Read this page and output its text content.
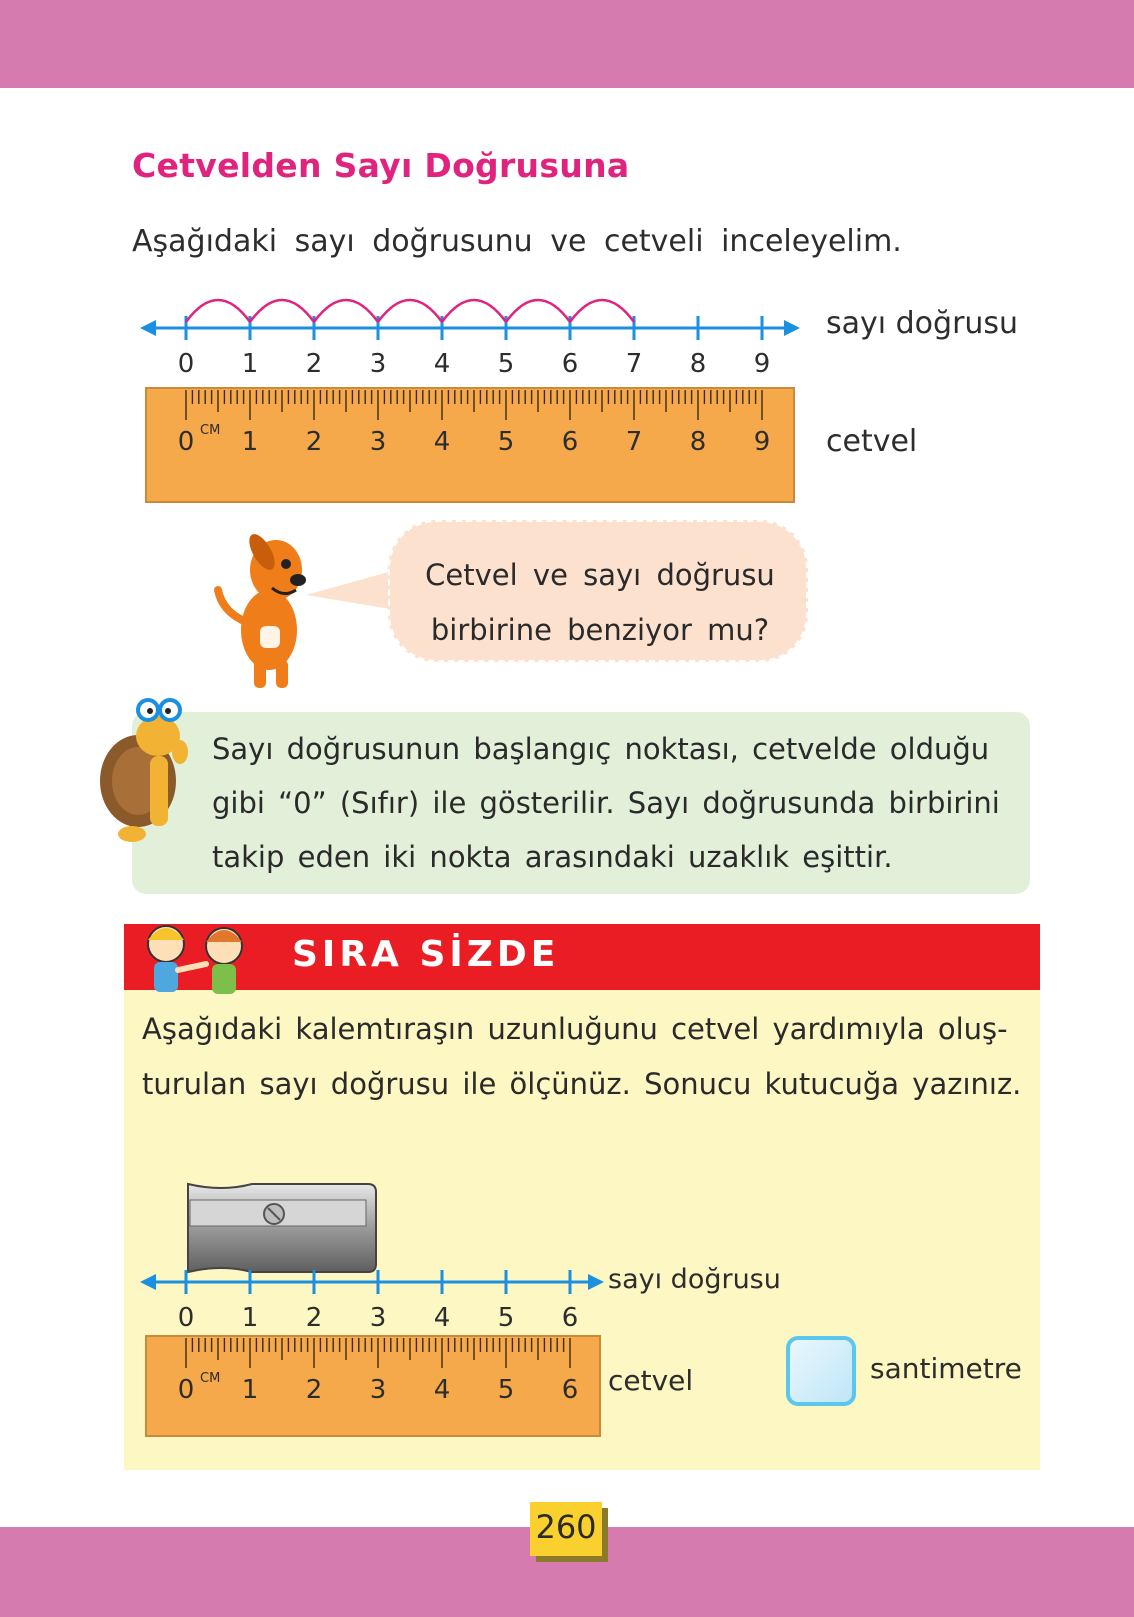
Cetvelden Sayı Doğrusuna
Aşağıdaki sayı doğrusunu ve cetveli inceleyelim.
0 1 2 3 4 5 6 7 8 9
sayı doğrusu
0 1 2 3 4 5 6 7 8 9
CM	cetvel
Cetvel ve sayı doğrusu
birbirine benziyor mu?
Sayı doğrusunun başlangıç noktası, cetvelde olduğu
gibi “0” (Sıfır) ile gösterilir. Sayı doğrusunda birbirini
takip eden iki nokta arasındaki uzaklık eşittir.
SIRA SİZDE
Aşağıdaki kalemtıraşın uzunluğunu cetvel yardımıyla oluş-
turulan sayı doğrusu ile ölçünüz. Sonucu kutucuğa yazınız.
0 1 2 3 4 5 6
sayı doğrusu
0 1 2 3 4 5 6
CM	cetvel	santimetre
260
